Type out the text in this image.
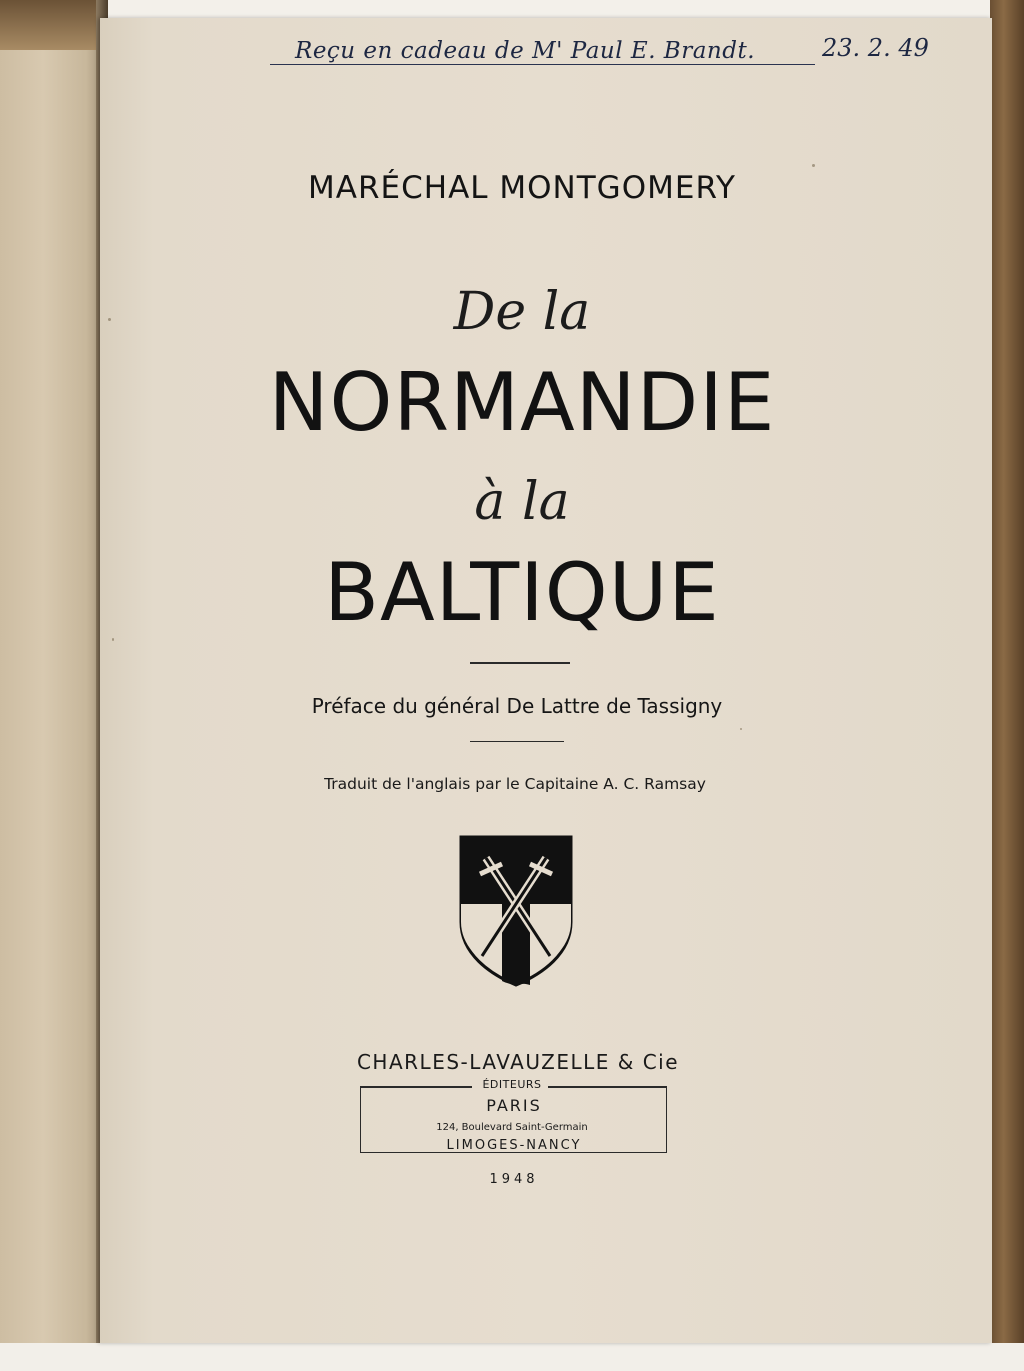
Reçu en cadeau de M' Paul E. Brandt.	23. 2. 49
MARÉCHAL MONTGOMERY
De la
NORMANDIE
à la
BALTIQUE
Préface du général De Lattre de Tassigny
Traduit de l'anglais par le Capitaine A. C. Ramsay
CHARLES-LAVAUZELLE & Cie
ÉDITEURS
PARIS
124, Boulevard Saint-Germain
LIMOGES-NANCY
1948
